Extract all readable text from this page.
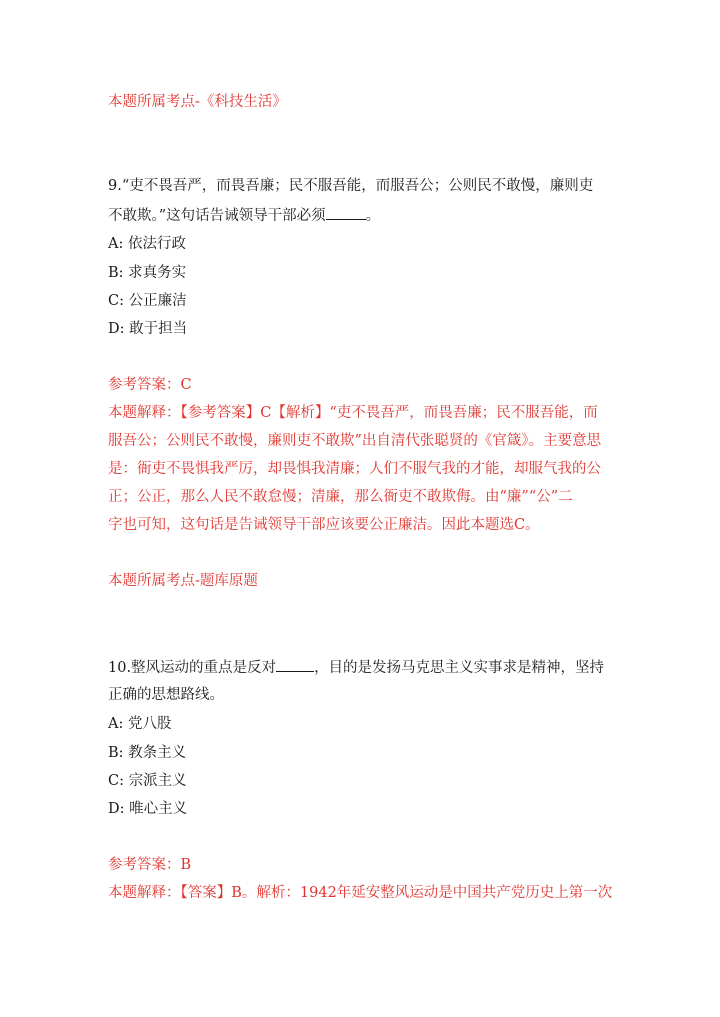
本题所属考点-《科技生活》
9.“吏不畏吾严，而畏吾廉；民不服吾能，而服吾公；公则民不敢慢，廉则吏
不敢欺。”这句话告诫领导干部必须	。
A: 依法行政
B: 求真务实
C: 公正廉洁
D: 敢于担当
参考答案：C
本题解释：【参考答案】C【解析】“吏不畏吾严，而畏吾廉；民不服吾能，而
服吾公；公则民不敢慢，廉则吏不敢欺”出自清代张聪贤的《官箴》。主要意思
是：衙吏不畏惧我严厉，却畏惧我清廉；人们不服气我的才能，却服气我的公
正；公正，那么人民不敢怠慢；清廉，那么衙吏不敢欺侮。由“廉”“公”二
字也可知，这句话是告诫领导干部应该要公正廉洁。因此本题选C。
本题所属考点-题库原题
10.整风运动的重点是反对	，目的是发扬马克思主义实事求是精神，坚持
正确的思想路线。
A: 党八股
B: 教条主义
C: 宗派主义
D: 唯心主义
参考答案：B
本题解释：【答案】B。解析：1942年延安整风运动是中国共产党历史上第一次
